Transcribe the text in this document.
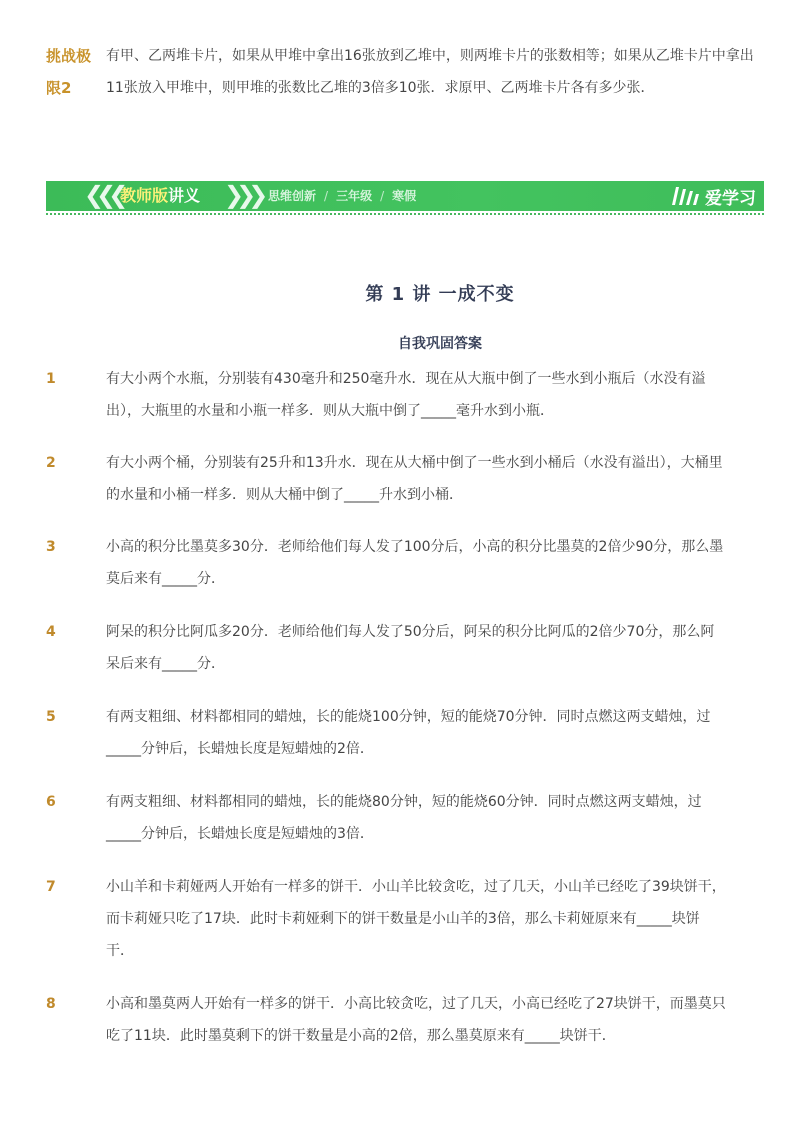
挑战极限2
有甲、乙两堆卡片，如果从甲堆中拿出16张放到乙堆中，则两堆卡片的张数相等；如果从乙堆卡片中拿出11张放入甲堆中，则甲堆的张数比乙堆的3倍多10张．求原甲、乙两堆卡片各有多少张．
❮❮❮ 教师版讲义 ❯❯❯ 思维创新 / 三年级 / 寒假	爱学习
第 1 讲 一成不变
自我巩固答案
1	有大小两个水瓶，分别装有430毫升和250毫升水．现在从大瓶中倒了一些水到小瓶后（水没有溢出），大瓶里的水量和小瓶一样多．则从大瓶中倒了_____毫升水到小瓶．
2	有大小两个桶，分别装有25升和13升水．现在从大桶中倒了一些水到小桶后（水没有溢出），大桶里的水量和小桶一样多．则从大桶中倒了_____升水到小桶．
3	小高的积分比墨莫多30分．老师给他们每人发了100分后，小高的积分比墨莫的2倍少90分，那么墨莫后来有_____分．
4	阿呆的积分比阿瓜多20分．老师给他们每人发了50分后，阿呆的积分比阿瓜的2倍少70分，那么阿呆后来有_____分．
5	有两支粗细、材料都相同的蜡烛，长的能烧100分钟，短的能烧70分钟．同时点燃这两支蜡烛，过_____分钟后，长蜡烛长度是短蜡烛的2倍．
6	有两支粗细、材料都相同的蜡烛，长的能烧80分钟，短的能烧60分钟．同时点燃这两支蜡烛，过_____分钟后，长蜡烛长度是短蜡烛的3倍．
7	小山羊和卡莉娅两人开始有一样多的饼干．小山羊比较贪吃，过了几天，小山羊已经吃了39块饼干，而卡莉娅只吃了17块．此时卡莉娅剩下的饼干数量是小山羊的3倍，那么卡莉娅原来有_____块饼干．
8	小高和墨莫两人开始有一样多的饼干．小高比较贪吃，过了几天，小高已经吃了27块饼干，而墨莫只吃了11块．此时墨莫剩下的饼干数量是小高的2倍，那么墨莫原来有_____块饼干．
